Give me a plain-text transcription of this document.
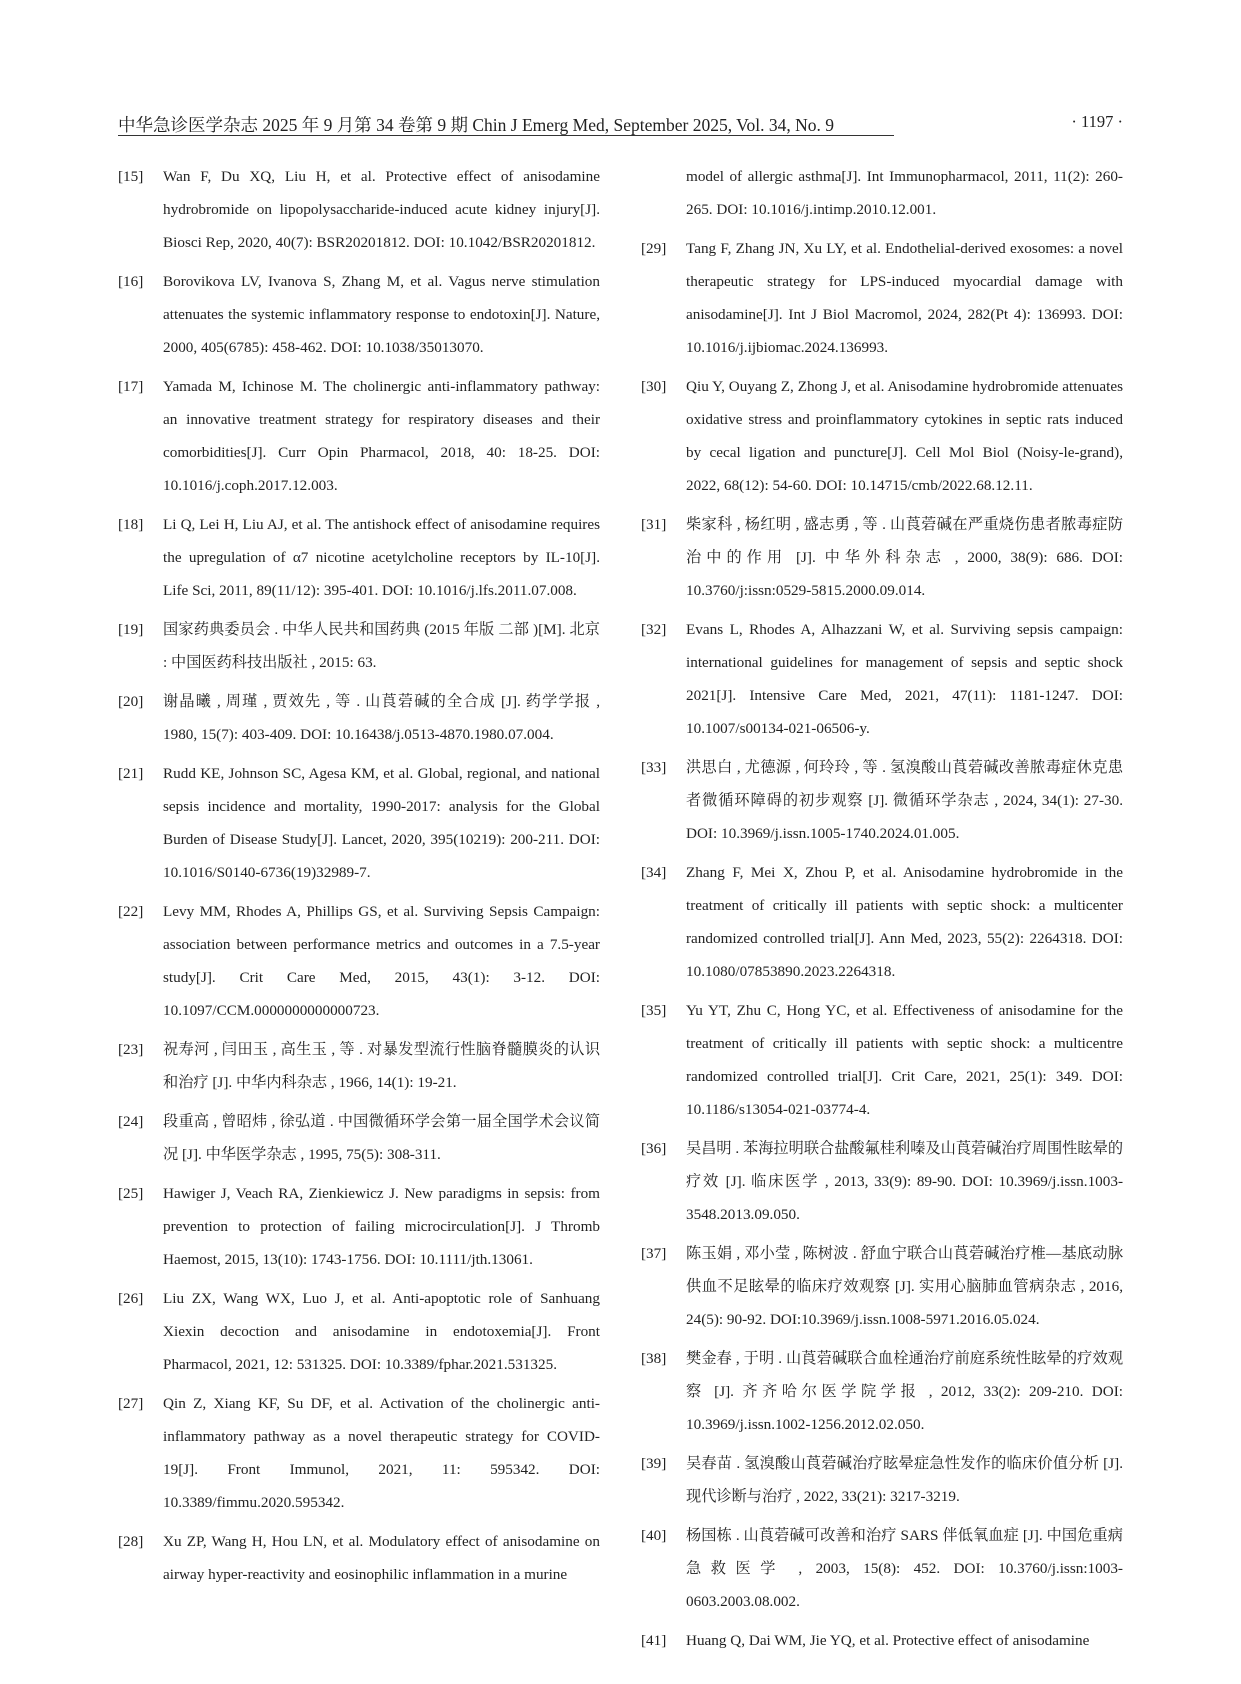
中华急诊医学杂志 2025 年 9 月第 34 卷第 9 期 Chin J Emerg Med, September 2025, Vol. 34, No. 9	· 1197 ·
[15] Wan F, Du XQ, Liu H, et al. Protective effect of anisodamine hydrobromide on lipopolysaccharide-induced acute kidney injury[J]. Biosci Rep, 2020, 40(7): BSR20201812. DOI: 10.1042/BSR20201812.
[16] Borovikova LV, Ivanova S, Zhang M, et al. Vagus nerve stimulation attenuates the systemic inflammatory response to endotoxin[J]. Nature, 2000, 405(6785): 458-462. DOI: 10.1038/35013070.
[17] Yamada M, Ichinose M. The cholinergic anti-inflammatory pathway: an innovative treatment strategy for respiratory diseases and their comorbidities[J]. Curr Opin Pharmacol, 2018, 40: 18-25. DOI: 10.1016/j.coph.2017.12.003.
[18] Li Q, Lei H, Liu AJ, et al. The antishock effect of anisodamine requires the upregulation of α7 nicotine acetylcholine receptors by IL-10[J]. Life Sci, 2011, 89(11/12): 395-401. DOI: 10.1016/j.lfs.2011.07.008.
[19] 国家药典委员会 . 中华人民共和国药典 (2015 年版 二部 )[M]. 北京 : 中国医药科技出版社 , 2015: 63.
[20] 谢晶曦 , 周瑾 , 贾效先 , 等 . 山莨菪碱的全合成 [J]. 药学学报 , 1980, 15(7): 403-409. DOI: 10.16438/j.0513-4870.1980.07.004.
[21] Rudd KE, Johnson SC, Agesa KM, et al. Global, regional, and national sepsis incidence and mortality, 1990-2017: analysis for the Global Burden of Disease Study[J]. Lancet, 2020, 395(10219): 200-211. DOI: 10.1016/S0140-6736(19)32989-7.
[22] Levy MM, Rhodes A, Phillips GS, et al. Surviving Sepsis Campaign: association between performance metrics and outcomes in a 7.5-year study[J]. Crit Care Med, 2015, 43(1): 3-12. DOI: 10.1097/CCM.0000000000000723.
[23] 祝寿河 , 闫田玉 , 高生玉 , 等 . 对暴发型流行性脑脊髓膜炎的认识和治疗 [J]. 中华内科杂志 , 1966, 14(1): 19-21.
[24] 段重高 , 曾昭炜 , 徐弘道 . 中国微循环学会第一届全国学术会议简况 [J]. 中华医学杂志 , 1995, 75(5): 308-311.
[25] Hawiger J, Veach RA, Zienkiewicz J. New paradigms in sepsis: from prevention to protection of failing microcirculation[J]. J Thromb Haemost, 2015, 13(10): 1743-1756. DOI: 10.1111/jth.13061.
[26] Liu ZX, Wang WX, Luo J, et al. Anti-apoptotic role of Sanhuang Xiexin decoction and anisodamine in endotoxemia[J]. Front Pharmacol, 2021, 12: 531325. DOI: 10.3389/fphar.2021.531325.
[27] Qin Z, Xiang KF, Su DF, et al. Activation of the cholinergic anti-inflammatory pathway as a novel therapeutic strategy for COVID-19[J]. Front Immunol, 2021, 11: 595342. DOI: 10.3389/fimmu.2020.595342.
[28] Xu ZP, Wang H, Hou LN, et al. Modulatory effect of anisodamine on airway hyper-reactivity and eosinophilic inflammation in a murine
model of allergic asthma[J]. Int Immunopharmacol, 2011, 11(2): 260-265. DOI: 10.1016/j.intimp.2010.12.001.
[29] Tang F, Zhang JN, Xu LY, et al. Endothelial-derived exosomes: a novel therapeutic strategy for LPS-induced myocardial damage with anisodamine[J]. Int J Biol Macromol, 2024, 282(Pt 4): 136993. DOI: 10.1016/j.ijbiomac.2024.136993.
[30] Qiu Y, Ouyang Z, Zhong J, et al. Anisodamine hydrobromide attenuates oxidative stress and proinflammatory cytokines in septic rats induced by cecal ligation and puncture[J]. Cell Mol Biol (Noisy-le-grand), 2022, 68(12): 54-60. DOI: 10.14715/cmb/2022.68.12.11.
[31] 柴家科 , 杨红明 , 盛志勇 , 等 . 山莨菪碱在严重烧伤患者脓毒症防治中的作用 [J]. 中华外科杂志 , 2000, 38(9): 686. DOI: 10.3760/j:issn:0529-5815.2000.09.014.
[32] Evans L, Rhodes A, Alhazzani W, et al. Surviving sepsis campaign: international guidelines for management of sepsis and septic shock 2021[J]. Intensive Care Med, 2021, 47(11): 1181-1247. DOI: 10.1007/s00134-021-06506-y.
[33] 洪思白 , 尤德源 , 何玲玲 , 等 . 氢溴酸山莨菪碱改善脓毒症休克患者微循环障碍的初步观察 [J]. 微循环学杂志 , 2024, 34(1): 27-30. DOI: 10.3969/j.issn.1005-1740.2024.01.005.
[34] Zhang F, Mei X, Zhou P, et al. Anisodamine hydrobromide in the treatment of critically ill patients with septic shock: a multicenter randomized controlled trial[J]. Ann Med, 2023, 55(2): 2264318. DOI: 10.1080/07853890.2023.2264318.
[35] Yu YT, Zhu C, Hong YC, et al. Effectiveness of anisodamine for the treatment of critically ill patients with septic shock: a multicentre randomized controlled trial[J]. Crit Care, 2021, 25(1): 349. DOI: 10.1186/s13054-021-03774-4.
[36] 吴昌明 . 苯海拉明联合盐酸氟桂利嗪及山莨菪碱治疗周围性眩晕的疗效 [J]. 临床医学 , 2013, 33(9): 89-90. DOI: 10.3969/j.issn.1003-3548.2013.09.050.
[37] 陈玉娟 , 邓小莹 , 陈树波 . 舒血宁联合山莨菪碱治疗椎—基底动脉供血不足眩晕的临床疗效观察 [J]. 实用心脑肺血管病杂志 , 2016, 24(5): 90-92. DOI:10.3969/j.issn.1008-5971.2016.05.024.
[38] 樊金春 , 于明 . 山莨菪碱联合血栓通治疗前庭系统性眩晕的疗效观察 [J]. 齐齐哈尔医学院学报 , 2012, 33(2): 209-210. DOI: 10.3969/j.issn.1002-1256.2012.02.050.
[39] 吴春苗 . 氢溴酸山莨菪碱治疗眩晕症急性发作的临床价值分析 [J]. 现代诊断与治疗 , 2022, 33(21): 3217-3219.
[40] 杨国栋 . 山莨菪碱可改善和治疗 SARS 伴低氧血症 [J]. 中国危重病急救医学 , 2003, 15(8): 452. DOI: 10.3760/j.issn:1003-0603.2003.08.002.
[41] Huang Q, Dai WM, Jie YQ, et al. Protective effect of anisodamine
